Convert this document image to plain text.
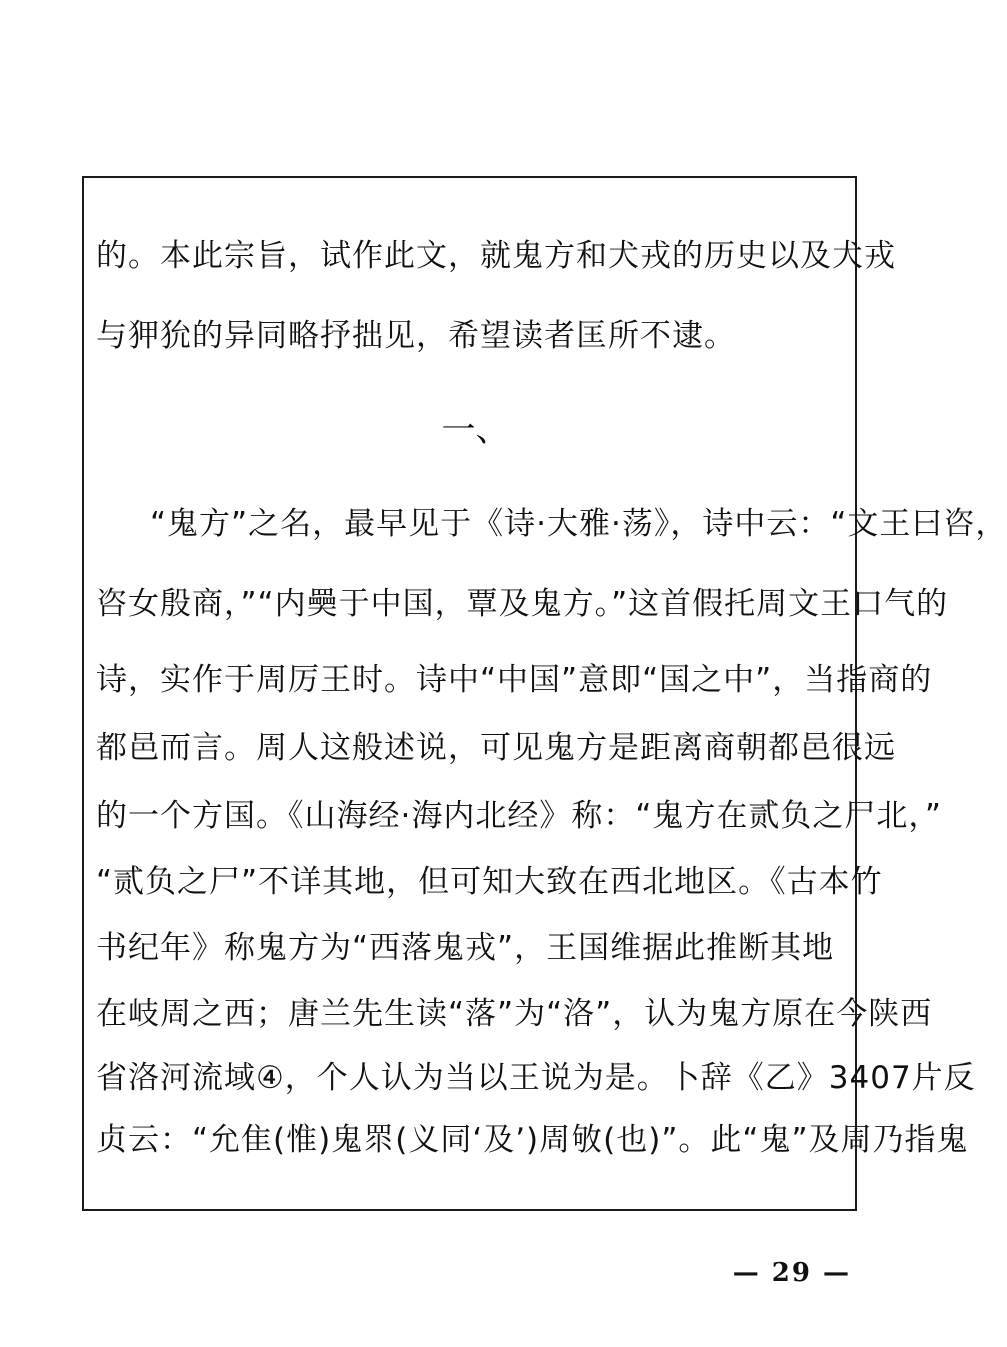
的。本此宗旨，试作此文，就鬼方和犬戎的历史以及犬戎
与狎狁的异同略抒拙见，希望读者匡所不逮。
一、
“鬼方”之名，最早见于《诗·大雅·荡》，诗中云：“文王曰咨，
咨女殷商，”“内奰于中国，覃及鬼方。”这首假托周文王口气的
诗，实作于周厉王时。诗中“中国”意即“国之中”，当指商的
都邑而言。周人这般述说，可见鬼方是距离商朝都邑很远
的一个方国。《山海经·海内北经》称：“鬼方在贰负之尸北，”
“贰负之尸”不详其地，但可知大致在西北地区。《古本竹
书纪年》称鬼方为“西落鬼戎”，王国维据此推断其地
在岐周之西；唐兰先生读“落”为“洛”，认为鬼方原在今陕西
省洛河流域④，个人认为当以王说为是。卜辞《乙》3407片反
贞云：“允隹(惟)鬼眔(义同‘及’)周敂(也)”。此“鬼”及周乃指鬼
— 29 —
